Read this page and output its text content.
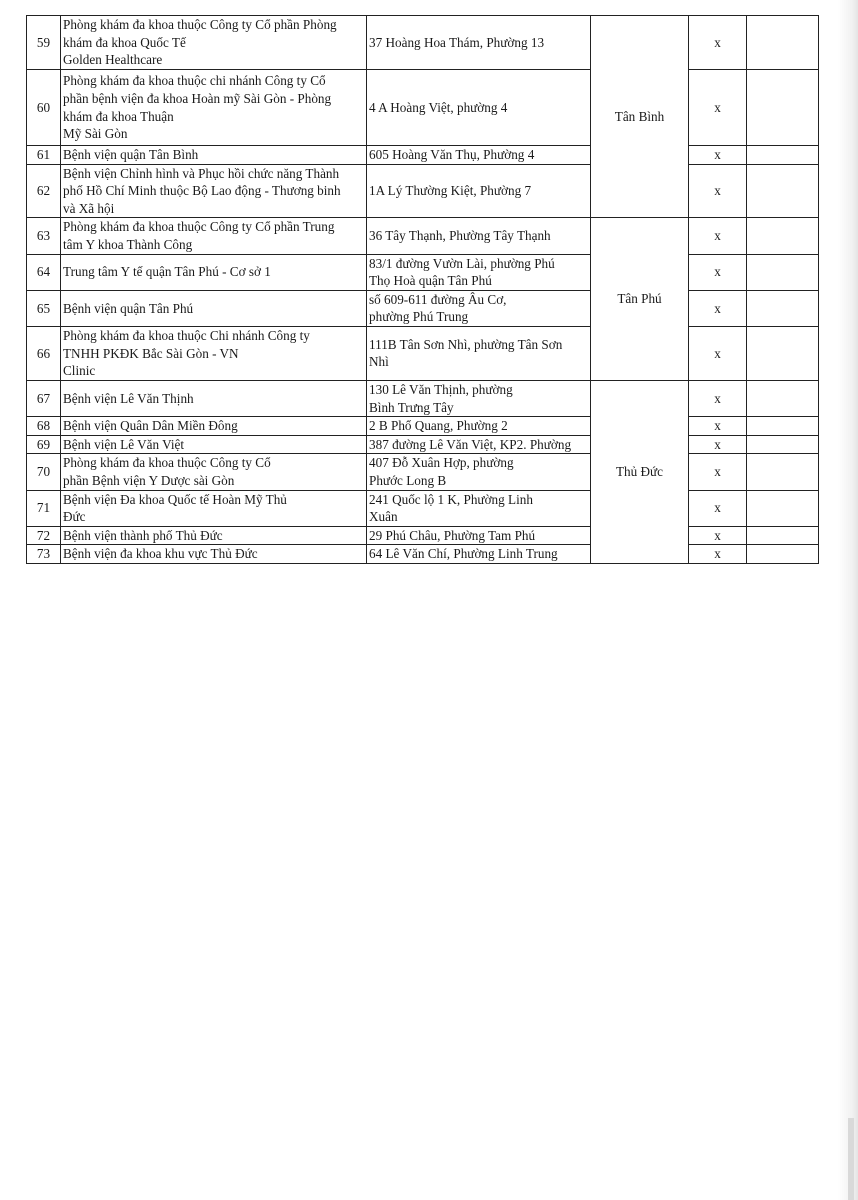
59	Phòng khám đa khoa thuộc Công ty Cổ phần Phòng
khám đa khoa Quốc Tế
Golden Healthcare	37 Hoàng Hoa Thám, Phường 13	Tân Bình	x	
60	Phòng khám đa khoa thuộc chi nhánh Công ty Cổ
phần bệnh viện đa khoa Hoàn mỹ Sài Gòn - Phòng
khám đa khoa Thuận
Mỹ Sài Gòn	4 A Hoàng Việt, phường 4		x	
61	Bệnh viện quận Tân Bình	605 Hoàng Văn Thụ, Phường 4		x	
62	Bệnh viện Chỉnh hình và Phục hồi chức năng Thành
phố Hồ Chí Minh thuộc Bộ Lao động - Thương binh
và Xã hội	1A Lý Thường Kiệt, Phường 7		x	
63	Phòng khám đa khoa thuộc Công ty Cổ phần Trung
tâm Y khoa Thành Công	36 Tây Thạnh, Phường Tây Thạnh	Tân Phú	x	
64	Trung tâm Y tế quận Tân Phú - Cơ sở 1	83/1 đường Vườn Lài, phường Phú
Thọ Hoà quận Tân Phú		x	
65	Bệnh viện quận Tân Phú	số 609-611 đường Âu Cơ,
phường Phú Trung		x	
66	Phòng khám đa khoa thuộc Chi nhánh Công ty
TNHH PKĐK Bắc Sài Gòn - VN
Clinic	111B Tân Sơn Nhì, phường Tân Sơn
Nhì		x	
67	Bệnh viện Lê Văn Thịnh	130 Lê Văn Thịnh, phường
Bình Trưng Tây	Thủ Đức	x	
68	Bệnh viện Quân Dân Miền Đông	2 B Phổ Quang, Phường 2		x	
69	Bệnh viện Lê Văn Việt	387 đường Lê Văn Việt, KP2. Phường		x	
70	Phòng khám đa khoa thuộc Công ty Cổ
phần Bệnh viện Y Dược sài Gòn	407 Đỗ Xuân Hợp, phường
Phước Long B		x	
71	Bệnh viện Đa khoa Quốc tế Hoàn Mỹ Thủ
Đức	241 Quốc lộ 1 K, Phường Linh
Xuân		x	
72	Bệnh viện thành phố Thủ Đức	29 Phú Châu, Phường Tam Phú		x	
73	Bệnh viện đa khoa khu vực Thủ Đức	64 Lê Văn Chí, Phường Linh Trung		x	
